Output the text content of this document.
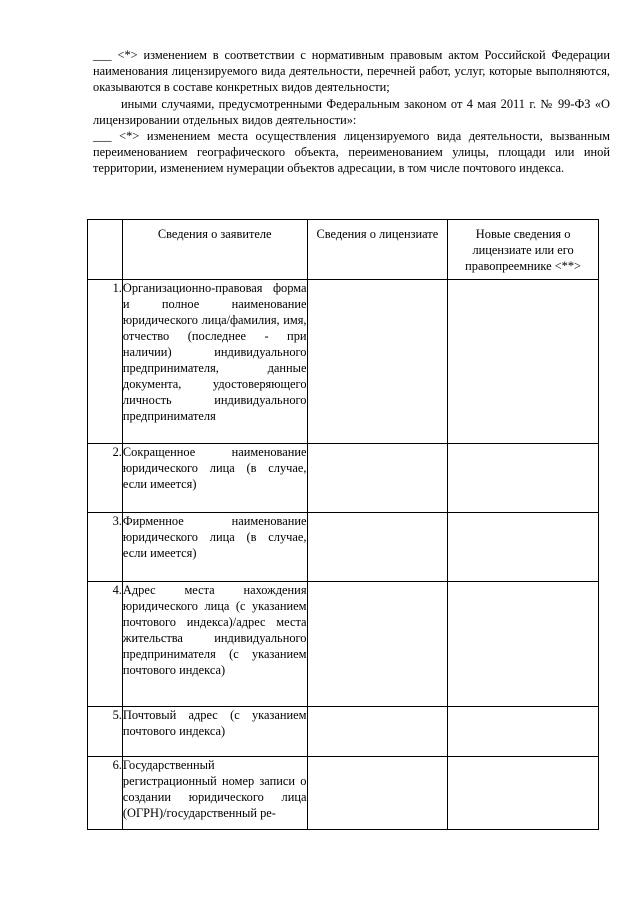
___ <*> изменением в соответствии с нормативным правовым актом Российской Федерации наименования лицензируемого вида деятельности, перечней работ, услуг, которые выполняются, оказываются в составе конкретных видов деятельности;

иными случаями, предусмотренными Федеральным законом от 4 мая 2011 г. № 99-ФЗ «О лицензировании отдельных видов деятельности»:

___ <*> изменением места осуществления лицензируемого вида деятельности, вызванным переименованием географического объекта, переименованием улицы, площади или иной территории, изменением нумерации объектов адресации, в том числе почтового индекса.

	Сведения о заявителе	Сведения о лицензиате	Новые сведения о лицензиате или его правопреемнике <**>

1.	Организационно-правовая форма и полное наименование юридического лица/фамилия, имя, отчество (последнее - при наличии) индивидуального предпринимателя, данные документа, удостоверяющего личность индивидуального предпринимателя		
2.	Сокращенное наименование юридического лица (в случае, если имеется)		
3.	Фирменное наименование юридического лица (в случае, если имеется)		
4.	Адрес места нахождения юридического лица (с указанием почтового индекса)/адрес места жительства индивидуального предпринимателя (с указанием почтового индекса)		
5.	Почтовый адрес (с указанием почтового индекса)		
6.	Государственный регистрационный номер записи о создании юридического лица (ОГРН)/государственный ре-		
